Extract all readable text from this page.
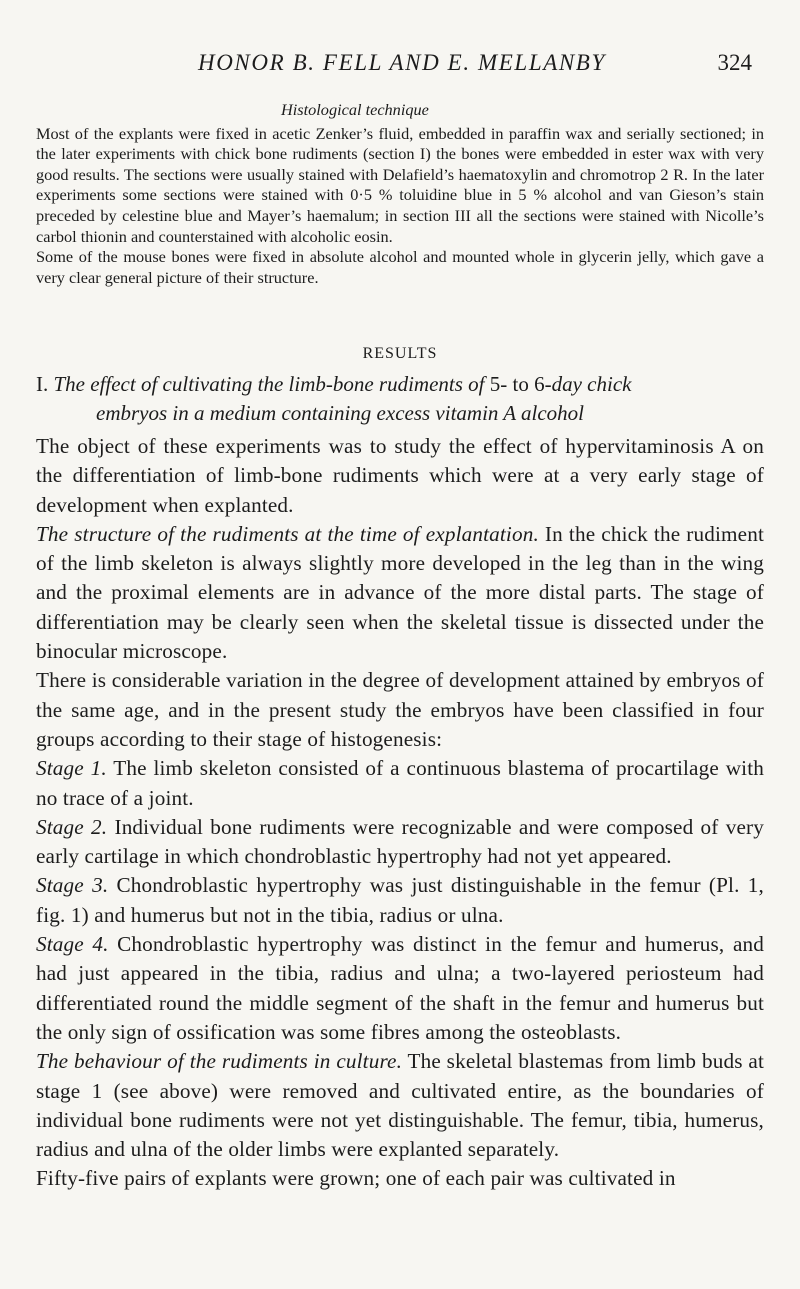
HONOR B. FELL AND E. MELLANBY	324
Histological technique

Most of the explants were fixed in acetic Zenker’s fluid, embedded in paraffin wax and serially sectioned; in the later experiments with chick bone rudiments (section I) the bones were embedded in ester wax with very good results. The sections were usually stained with Delafield’s haematoxylin and chromotrop 2 R. In the later experiments some sections were stained with 0·5 % toluidine blue in 5 % alcohol and van Gieson’s stain preceded by celestine blue and Mayer’s haemalum; in section III all the sections were stained with Nicolle’s carbol thionin and counterstained with alcoholic eosin.

Some of the mouse bones were fixed in absolute alcohol and mounted whole in glycerin jelly, which gave a very clear general picture of their structure.

RESULTS
I. The effect of cultivating the limb-bone rudiments of 5- to 6-day chick
embryos in a medium containing excess vitamin A alcohol

The object of these experiments was to study the effect of hypervitaminosis A on the differentiation of limb-bone rudiments which were at a very early stage of development when explanted.

The structure of the rudiments at the time of explantation. In the chick the rudiment of the limb skeleton is always slightly more developed in the leg than in the wing and the proximal elements are in advance of the more distal parts. The stage of differentiation may be clearly seen when the skeletal tissue is dissected under the binocular microscope.

There is considerable variation in the degree of development attained by embryos of the same age, and in the present study the embryos have been classified in four groups according to their stage of histogenesis:

Stage 1. The limb skeleton consisted of a continuous blastema of procartilage with no trace of a joint.

Stage 2. Individual bone rudiments were recognizable and were composed of very early cartilage in which chondroblastic hypertrophy had not yet appeared.

Stage 3. Chondroblastic hypertrophy was just distinguishable in the femur (Pl. 1, fig. 1) and humerus but not in the tibia, radius or ulna.

Stage 4. Chondroblastic hypertrophy was distinct in the femur and humerus, and had just appeared in the tibia, radius and ulna; a two-layered periosteum had differentiated round the middle segment of the shaft in the femur and humerus but the only sign of ossification was some fibres among the osteoblasts.

The behaviour of the rudiments in culture. The skeletal blastemas from limb buds at stage 1 (see above) were removed and cultivated entire, as the boundaries of individual bone rudiments were not yet distinguishable. The femur, tibia, humerus, radius and ulna of the older limbs were explanted separately.

Fifty-five pairs of explants were grown; one of each pair was cultivated in
